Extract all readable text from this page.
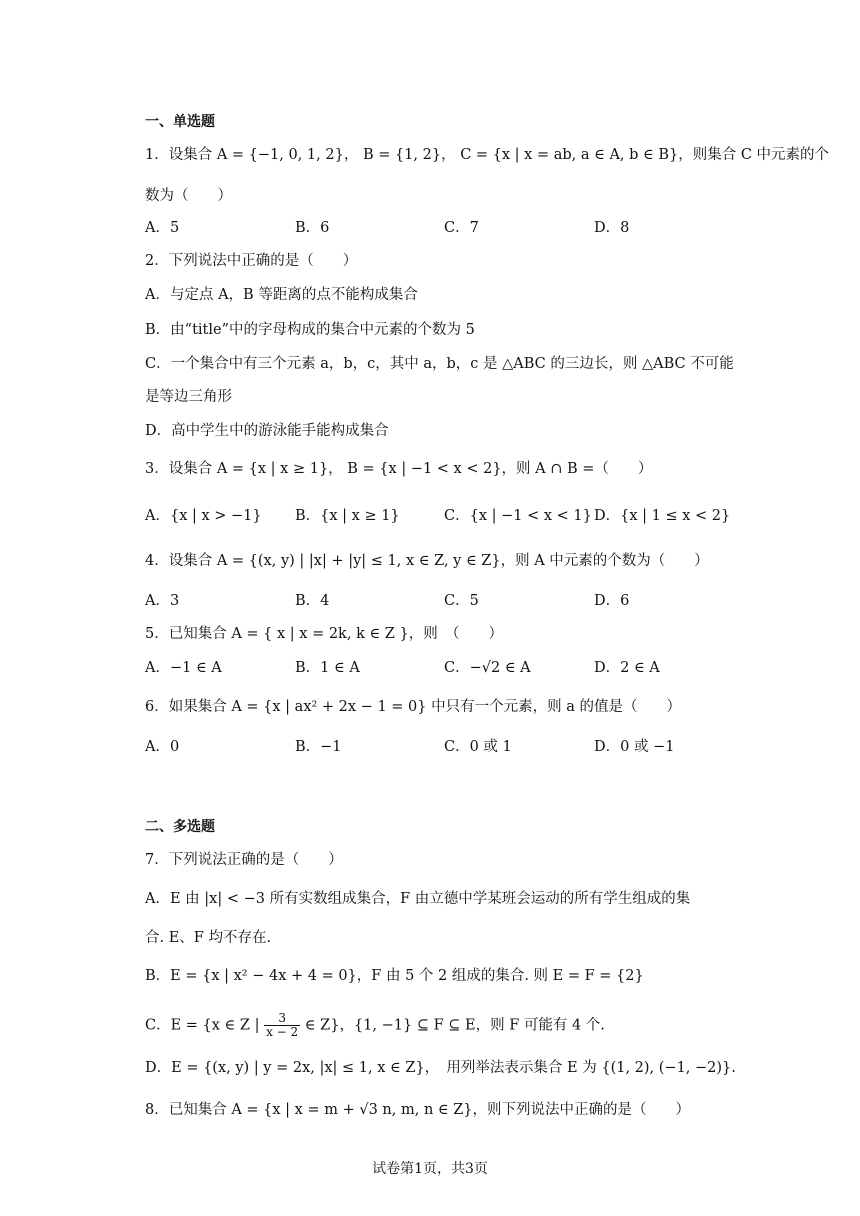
一、单选题
1．设集合 A = {−1, 0, 1, 2}， B = {1, 2}， C = {x | x = ab, a ∈ A, b ∈ B}，则集合 C 中元素的个
数为（　　）
A．5	B．6	C．7	D．8
2．下列说法中正确的是（　　）
A．与定点 A，B 等距离的点不能构成集合
B．由“title”中的字母构成的集合中元素的个数为 5
C．一个集合中有三个元素 a，b，c，其中 a，b，c 是 △ABC 的三边长，则 △ABC 不可能
是等边三角形
D．高中学生中的游泳能手能构成集合
3．设集合 A = {x | x ≥ 1}， B = {x | −1 < x < 2}，则 A ∩ B =（　　）
A．{x | x > −1} B．{x | x ≥ 1}	C．{x | −1 < x < 1} D．{x | 1 ≤ x < 2}
4．设集合 A = {(x, y) | |x| + |y| ≤ 1, x ∈ Z, y ∈ Z}，则 A 中元素的个数为（　　）
A．3	B．4	C．5	D．6
5．已知集合 A = { x | x = 2k, k ∈ Z }，则　（　　）
A．−1 ∈ A	B．1 ∈ A	C．−√2 ∈ A	D．2 ∈ A
6．如果集合 A = {x | ax² + 2x − 1 = 0} 中只有一个元素，则 a 的值是（　　）
A．0	B．−1	C．0 或 1	D．0 或 −1
二、多选题
7．下列说法正确的是（　　）
A．E 由 |x| < −3 所有实数组成集合，F 由立德中学某班会运动的所有学生组成的集
合. E、F 均不存在.
B．E = {x | x² − 4x + 4 = 0}，F 由 5 个 2 组成的集合. 则 E = F = {2}
C．E = {x ∈ Z | $\frac{3}{x - 2}$ ∈ Z}，{1, −1} ⊆ F ⊆ E，则 F 可能有 4 个.
D．E = {(x, y) | y = 2x, |x| ≤ 1, x ∈ Z}，　用列举法表示集合 E 为 {(1, 2), (−1, −2)}.
8．已知集合 A = {x | x = m + √3 n, m, n ∈ Z}，则下列说法中正确的是（　　）
试卷第1页，共3页
